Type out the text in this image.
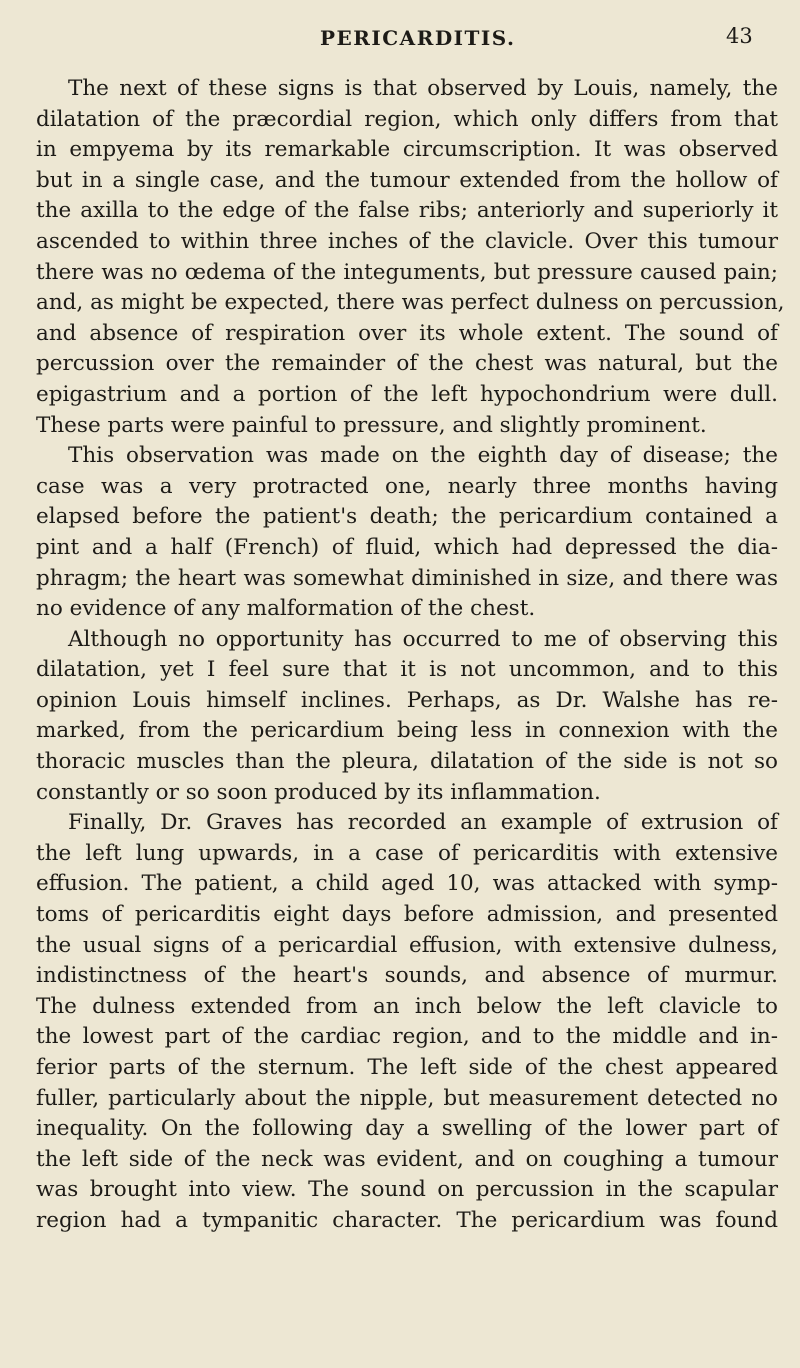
PERICARDITIS.	43
The next of these signs is that observed by Louis, namely, the
dilatation of the præcordial region, which only differs from that
in empyema by its remarkable circumscription. It was observed
but in a single case, and the tumour extended from the hollow of
the axilla to the edge of the false ribs; anteriorly and superiorly it
ascended to within three inches of the clavicle. Over this tumour
there was no œdema of the integuments, but pressure caused pain;
and, as might be expected, there was perfect dulness on percussion,
and absence of respiration over its whole extent. The sound of
percussion over the remainder of the chest was natural, but the
epigastrium and a portion of the left hypochondrium were dull.
These parts were painful to pressure, and slightly prominent.
This observation was made on the eighth day of disease; the
case was a very protracted one, nearly three months having
elapsed before the patient's death; the pericardium contained a
pint and a half (French) of fluid, which had depressed the dia-
phragm; the heart was somewhat diminished in size, and there was
no evidence of any malformation of the chest.
Although no opportunity has occurred to me of observing this
dilatation, yet I feel sure that it is not uncommon, and to this
opinion Louis himself inclines. Perhaps, as Dr. Walshe has re-
marked, from the pericardium being less in connexion with the
thoracic muscles than the pleura, dilatation of the side is not so
constantly or so soon produced by its inflammation.
Finally, Dr. Graves has recorded an example of extrusion of
the left lung upwards, in a case of pericarditis with extensive
effusion. The patient, a child aged 10, was attacked with symp-
toms of pericarditis eight days before admission, and presented
the usual signs of a pericardial effusion, with extensive dulness,
indistinctness of the heart's sounds, and absence of murmur.
The dulness extended from an inch below the left clavicle to
the lowest part of the cardiac region, and to the middle and in-
ferior parts of the sternum. The left side of the chest appeared
fuller, particularly about the nipple, but measurement detected no
inequality. On the following day a swelling of the lower part of
the left side of the neck was evident, and on coughing a tumour
was brought into view. The sound on percussion in the scapular
region had a tympanitic character. The pericardium was found
